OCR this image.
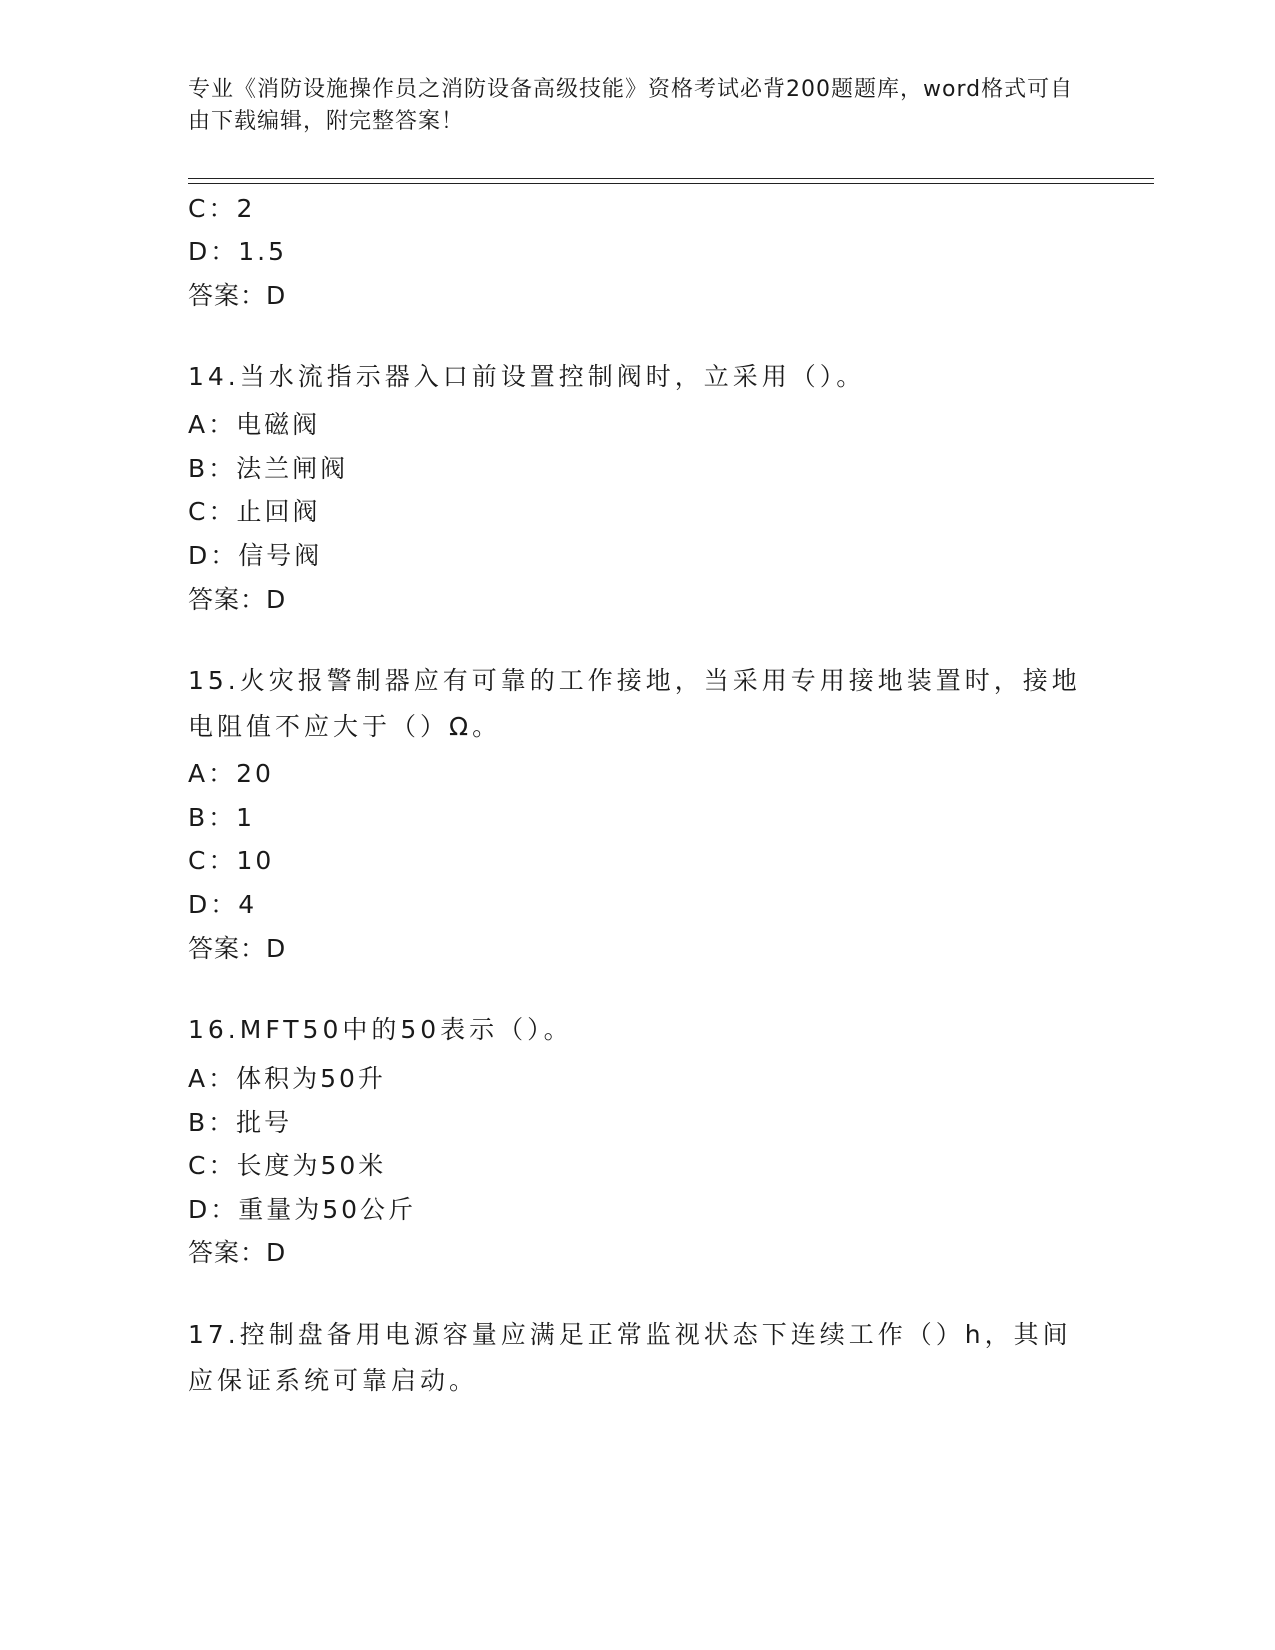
专业《消防设施操作员之消防设备高级技能》资格考试必背200题题库，word格式可自由下载编辑，附完整答案！
C：2
D：1.5
答案：D
14.当水流指示器入口前设置控制阀时，立采用（）。
A：电磁阀
B：法兰闸阀
C：止回阀
D：信号阀
答案：D
15.火灾报警制器应有可靠的工作接地，当采用专用接地装置时，接地电阻值不应大于（）Ω。
A：20
B：1
C：10
D：4
答案：D
16.MFT50中的50表示（）。
A：体积为50升
B：批号
C：长度为50米
D：重量为50公斤
答案：D
17.控制盘备用电源容量应满足正常监视状态下连续工作（）h，其间应保证系统可靠启动。
